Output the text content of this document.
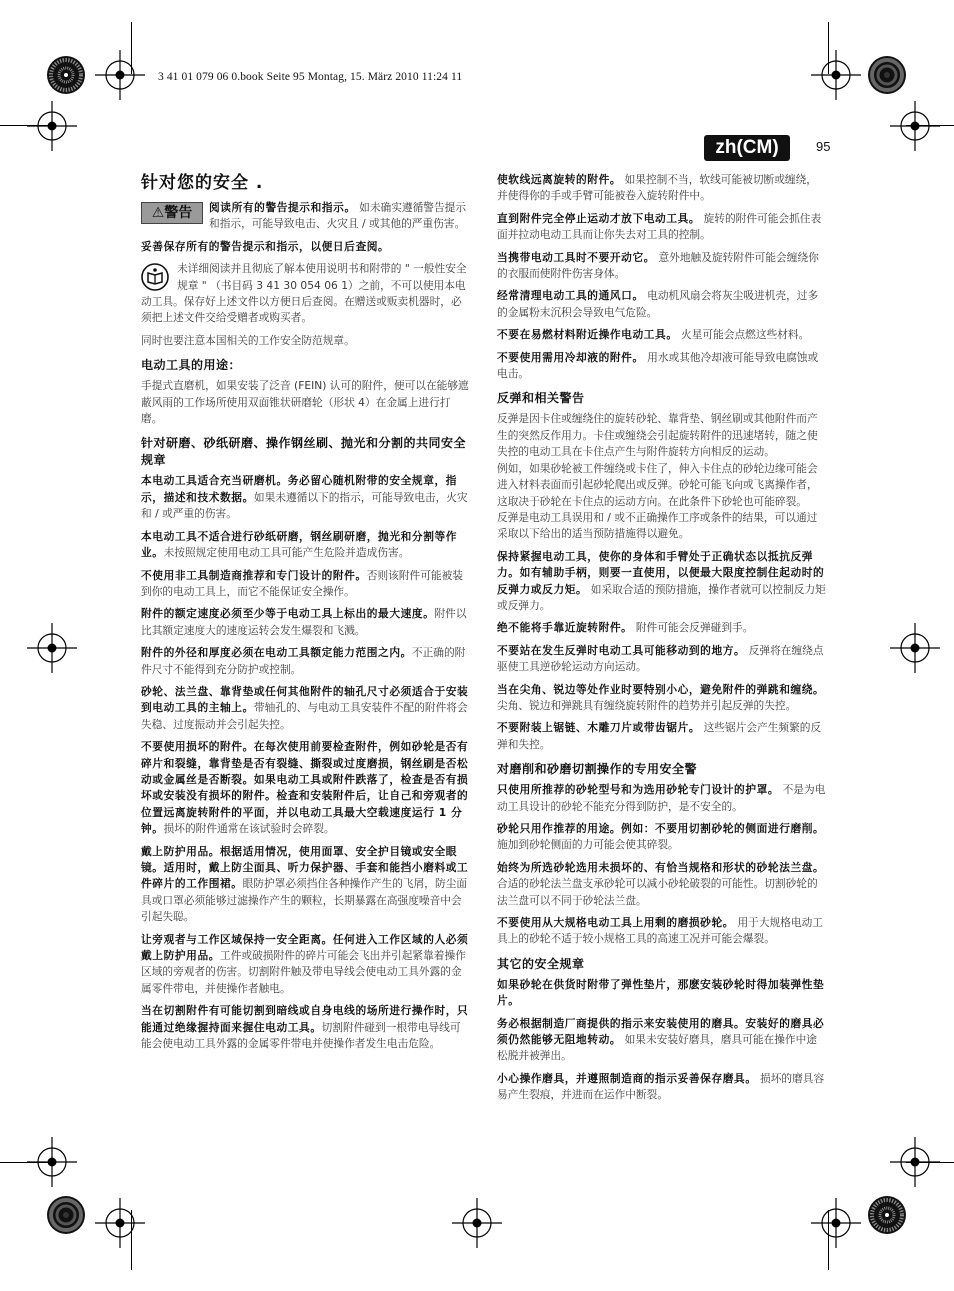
3 41 01 079 06 0.book Seite 95 Montag, 15. März 2010 11:24 11
zh(CM)	95
针对您的安全 .

⚠警告	阅读所有的警告提示和指示。 如未确实遵循警告提示和指示，可能导致电击、火灾且 / 或其他的严重伤害。

妥善保存所有的警告提示和指示，以便日后查阅。

未详细阅读并且彻底了解本使用说明书和附带的 " 一般性安全规章 " （书目码 3 41 30 054 06 1）之前，不可以使用本电动工具。保存好上述文件以方便日后查阅。在赠送或贩卖机器时，必须把上述文件交给受赠者或购买者。

同时也要注意本国相关的工作安全防范规章。

电动工具的用途：

手提式直磨机，如果安装了泛音 (FEIN) 认可的附件，便可以在能够遮蔽风雨的工作场所使用双面锥状研磨轮（形状 4）在金属上进行打磨。

针对研磨、砂纸研磨、操作钢丝刷、抛光和分割的共同安全规章

本电动工具适合充当研磨机。务必留心随机附带的安全规章，指示，描述和技术数据。如果未遵循以下的指示，可能导致电击，火灾和 / 或严重的伤害。

本电动工具不适合进行砂纸研磨，钢丝刷研磨，抛光和分割等作业。未按照规定使用电动工具可能产生危险并造成伤害。

不使用非工具制造商推荐和专门设计的附件。否则该附件可能被装到你的电动工具上，而它不能保证安全操作。

附件的额定速度必须至少等于电动工具上标出的最大速度。附件以比其额定速度大的速度运转会发生爆裂和飞溅。

附件的外径和厚度必须在电动工具额定能力范围之内。不正确的附件尺寸不能得到充分防护或控制。

砂轮、法兰盘、靠背垫或任何其他附件的轴孔尺寸必须适合于安装到电动工具的主轴上。带轴孔的、与电动工具安装件不配的附件将会失稳、过度振动并会引起失控。

不要使用损坏的附件。在每次使用前要检查附件，例如砂轮是否有碎片和裂缝，靠背垫是否有裂缝、撕裂或过度磨损，钢丝刷是否松动或金属丝是否断裂。如果电动工具或附件跌落了，检查是否有损坏或安装没有损坏的附件。检查和安装附件后，让自己和旁观者的位置远离旋转附件的平面，并以电动工具最大空载速度运行 1 分钟。损坏的附件通常在该试验时会碎裂。

戴上防护用品。根据适用情况，使用面罩、安全护目镜或安全眼镜。适用时，戴上防尘面具、听力保护器、手套和能挡小磨料或工件碎片的工作围裙。眼防护罩必须挡住各种操作产生的飞屑，防尘面具或口罩必须能够过滤操作产生的颗粒，长期暴露在高强度噪音中会引起失聪。

让旁观者与工作区域保持一安全距离。任何进入工作区域的人必须戴上防护用品。工件或破损附件的碎片可能会飞出并引起紧靠着操作区域的旁观者的伤害。切割附件触及带电导线会使电动工具外露的金属零件带电，并使操作者触电。

当在切割附件有可能切割到暗线或自身电线的场所进行操作时，只能通过绝缘握持面来握住电动工具。切割附件碰到一根带电导线可能会使电动工具外露的金属零件带电并使操作者发生电击危险。

使软线远离旋转的附件。 如果控制不当，软线可能被切断或缠绕，并使得你的手或手臂可能被卷入旋转附件中。

直到附件完全停止运动才放下电动工具。 旋转的附件可能会抓住表面并拉动电动工具而让你失去对工具的控制。

当携带电动工具时不要开动它。 意外地触及旋转附件可能会缠绕你的衣服而使附件伤害身体。

经常清理电动工具的通风口。 电动机风扇会将灰尘吸进机壳，过多的金属粉末沉积会导致电气危险。

不要在易燃材料附近操作电动工具。 火星可能会点燃这些材料。

不要使用需用冷却液的附件。 用水或其他冷却液可能导致电腐蚀或电击。

反弹和相关警告

反弹是因卡住或缠绕住的旋转砂轮、靠背垫、钢丝刷或其他附件而产生的突然反作用力。卡住或缠绕会引起旋转附件的迅速堵转，随之使失控的电动工具在卡住点产生与附件旋转方向相反的运动。

例如，如果砂轮被工件缠绕或卡住了，伸入卡住点的砂轮边缘可能会进入材料表面而引起砂轮爬出或反弹。砂轮可能飞向或飞离操作者，这取决于砂轮在卡住点的运动方向。在此条件下砂轮也可能碎裂。

反弹是电动工具误用和 / 或不正确操作工序或条件的结果，可以通过采取以下给出的适当预防措施得以避免。

保持紧握电动工具，使你的身体和手臂处于正确状态以抵抗反弹力。如有辅助手柄，则要一直使用，以便最大限度控制住起动时的反弹力或反力矩。 如采取合适的预防措施，操作者就可以控制反力矩或反弹力。

绝不能将手靠近旋转附件。 附件可能会反弹碰到手。

不要站在发生反弹时电动工具可能移动到的地方。 反弹将在缠绕点驱使工具逆砂轮运动方向运动。

当在尖角、锐边等处作业时要特别小心，避免附件的弹跳和缠绕。 尖角、锐边和弹跳具有缠绕旋转附件的趋势并引起反弹的失控。

不要附装上锯链、木雕刀片或带齿锯片。 这些锯片会产生频繁的反弹和失控。

对磨削和砂磨切割操作的专用安全警

只使用所推荐的砂轮型号和为选用砂轮专门设计的护罩。 不是为电动工具设计的砂轮不能充分得到防护，是不安全的。

砂轮只用作推荐的用途。例如：不要用切割砂轮的侧面进行磨削。 施加到砂轮侧面的力可能会使其碎裂。

始终为所选砂轮选用未损坏的、有恰当规格和形状的砂轮法兰盘。 合适的砂轮法兰盘支承砂轮可以减小砂轮破裂的可能性。切割砂轮的法兰盘可以不同于砂轮法兰盘。

不要使用从大规格电动工具上用剩的磨损砂轮。 用于大规格电动工具上的砂轮不适于较小规格工具的高速工况并可能会爆裂。

其它的安全规章

如果砂轮在供货时附带了弹性垫片，那麽安装砂轮时得加装弹性垫片。

务必根据制造厂商提供的指示来安装使用的磨具。安装好的磨具必须仍然能够无阻地转动。 如果未安装好磨具，磨具可能在操作中途松脱并被弹出。

小心操作磨具，并遵照制造商的指示妥善保存磨具。 损坏的磨具容易产生裂痕，并进而在运作中断裂。
